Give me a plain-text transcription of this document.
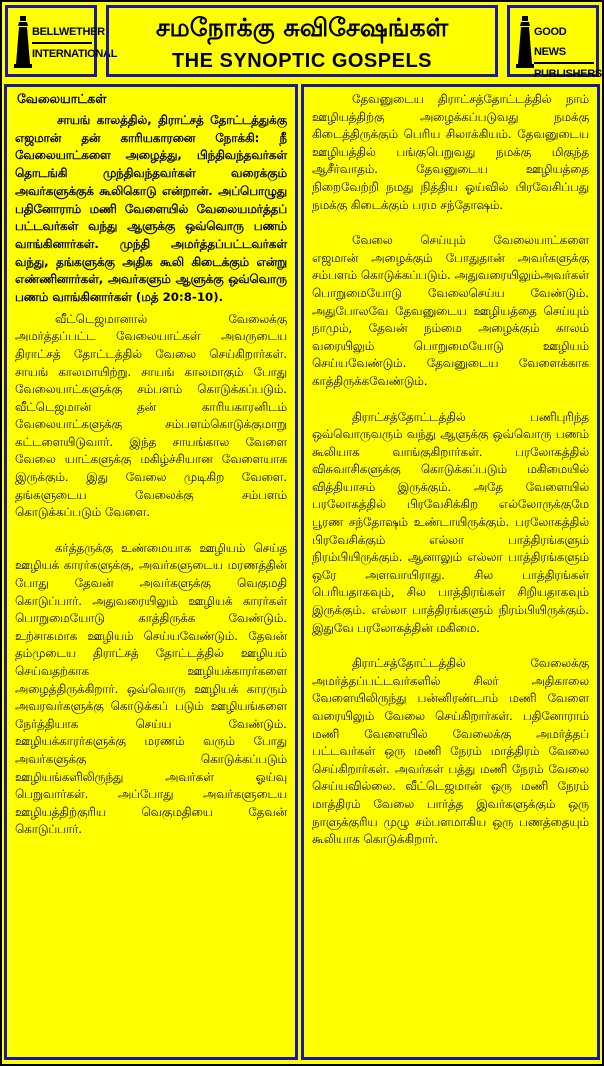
BELLWETHER
INTERNATIONAL
சமநோக்கு சுவிசேஷங்கள்
THE SYNOPTIC GOSPELS
GOOD NEWS
PUBLISHERS
வேலையாட்கள்
சாயங் காலத்தில், திராட்சத் தோட்டத்துக்கு எஜமான் தன் காரியகாரனை நோக்கி: நீ வேலையாட்களை அழைத்து, பிந்திவந்தவர்கள் தொடங்கி முந்திவந்தவர்கள் வரைக்கும் அவர்களுக்குக் கூலிகொடு என்றான். அப்பொழுது பதினோராம் மணி வேளையில் வேலையமர்த்தப் பட்டவர்கள் வந்து ஆளுக்கு ஒவ்வொரு பணம் வாங்கினார்கள். முந்தி அமர்த்தப்பட்டவர்கள் வந்து, தங்களுக்கு அதிக கூலி கிடைக்கும் என்று எண்ணினார்கள், அவர்களும் ஆளுக்கு ஒவ்வொரு பணம் வாங்கினார்கள் (மத் 20:8-10).

வீட்டெஜமானால் வேலைக்கு அமர்த்தப்பட்ட வேலையாட்கள் அவருடைய திராட்சத் தோட்டத்தில் வேலை செய்கிறார்கள். சாயங் காலமாயிற்று. சாயங் காலமாகும் போது வேலையாட்களுக்கு சம்பளம் கொடுக்கப்படும். வீட்டெஜமான் தன் காரியகாரனிடம் வேலையாட்களுக்கு சம்பளம்கொடுக்குமாறு கட்டளையிடுவார். இந்த சாயங்கால வேளை வேலை யாட்களுக்கு மகிழ்ச்சியான வேளையாக இருக்கும். இது வேலை முடிகிற வேளை. தங்களுடைய வேலைக்கு சம்பளம் கொடுக்கப்படும் வேளை.

கர்த்தருக்கு உண்மையாக ஊழியம் செய்த ஊழியக் காரர்களுக்கு, அவர்களுடைய மரணத்தின் போது தேவன் அவர்களுக்கு வெகுமதி கொடுப்பார். அதுவரையிலும் ஊழியக் காரர்கள் பொறுமையோடு காத்திருக்க வேண்டும். உற்சாகமாக ஊழியம் செய்யவேண்டும். தேவன் தம்முடைய திராட்சத் தோட்டத்தில் ஊழியம் செய்வதற்காக ஊழியக்காரர்களை அழைத்திருக்கிறார். ஒவ்வொரு ஊழியக் காரரும் அவரவர்களுக்கு கொடுக்கப் படும் ஊழியங்களை நேர்த்தியாக செய்ய வேண்டும். ஊழியக்காரர்களுக்கு மரணம் வரும் போது அவர்களுக்கு கொடுக்கப்படும் ஊழியங்களிலிருந்து அவர்கள் ஓய்வு பெறுவார்கள். அப்போது அவர்களுடைய ஊழியத்திற்குரிய வெகுமதியை தேவன் கொடுப்பார்.

தேவனுடைய திராட்சத்தோட்டத்தில் நாம் ஊழியத்திற்கு அழைக்கப்படுவது நமக்கு கிடைத்திருக்கும் பெரிய சிலாக்கியம். தேவனுடைய ஊழியத்தில் பங்குபெறுவது நமக்கு மிகுந்த ஆசீர்வாதம். தேவனுடைய ஊழியத்தை நிறைவேற்றி நமது நித்திய ஓய்வில் பிரவேசிப்பது நமக்கு கிடைக்கும் பரம சந்தோஷம்.

வேலை செய்யும் வேலையாட்களை எஜமான் அழைக்கும் போதுதான் அவர்களுக்கு சம்பளம் கொடுக்கப்படும். அதுவரையிலும்அவர்கள் பொறுமையோடு வேலைசெய்ய வேண்டும். அதுபோலவே தேவனுடைய ஊழியத்தை செய்யும் நாமும், தேவன் நம்மை அழைக்கும் காலம் வரையிலும் பொறுமையோடு ஊழியம் செய்யவேண்டும். தேவனுடைய வேளைக்காக காத்திருக்கவேண்டும்.

திராட்சத்தோட்டத்தில் பணிபுரிந்த ஒவ்வொருவரும் வந்து ஆளுக்கு ஒவ்வொரு பணம் கூலியாக வாங்குகிறார்கள். பரலோகத்தில் விசுவாசிகளுக்கு கொடுக்கப்படும் மகிமையில் வித்தியாசம் இருக்கும். அதே வேளையில் பரலோகத்தில் பிரவேசிக்கிற எல்லோருக்குமே பூரண சந்தோஷம் உண்டாயிருக்கும். பரலோகத்தில் பிரவேசிக்கும் எல்லா பாத்திரங்களும் நிரம்பியிருக்கும். ஆனாலும் எல்லா பாத்திரங்களும் ஒரே அளவாயிராது. சில பாத்திரங்கள் பெரியதாகவும், சில பாத்திரங்கள் சிறியதாகவும் இருக்கும். எல்லா பாத்திரங்களும் நிரம்பியிருக்கும். இதுவே பரலோகத்தின் மகிமை.

திராட்சத்தோட்டத்தில் வேலைக்கு அமர்த்தப்பட்டவர்களில் சிலர் அதிகாலை வேளையிலிருந்து பன்னிரண்டாம் மணி வேளை வரையிலும் வேலை செய்கிறார்கள். பதினோராம் மணி வேளையில் வேலைக்கு அமர்த்தப் பட்டவர்கள் ஒரு மணி நேரம் மாத்திரம் வேலை செய்கிறார்கள். அவர்கள் பத்து மணி நேரம் வேலை செய்யவில்லை. வீட்டெஜமான் ஒரு மணி நேரம் மாத்திரம் வேலை பார்த்த இவர்களுக்கும் ஒரு நாளுக்குரிய முழு சம்பளமாகிய ஒரு பணத்தையும் கூலியாக கொடுக்கிறார்.
